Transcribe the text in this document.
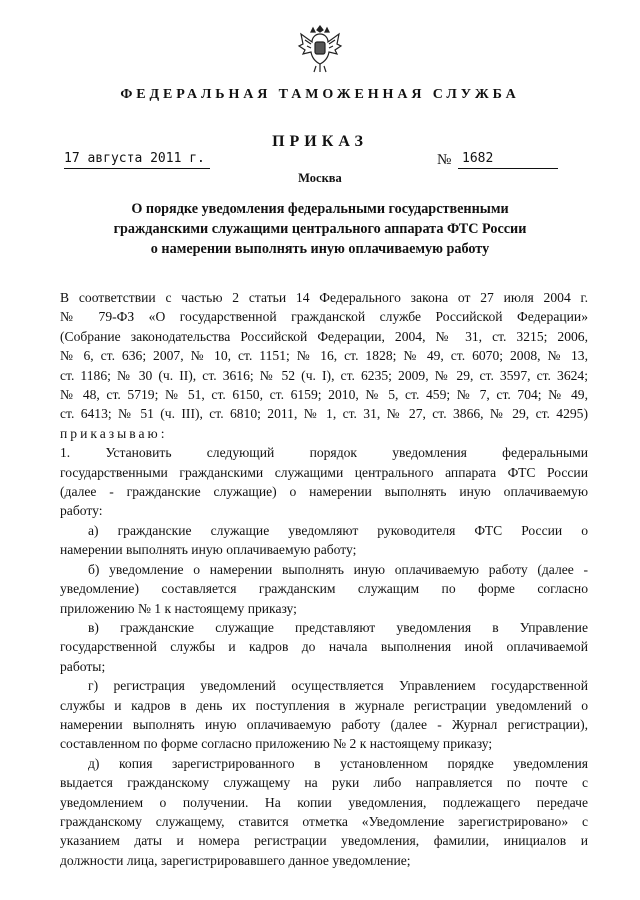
ФЕДЕРАЛЬНАЯ ТАМОЖЕННАЯ СЛУЖБА
ПРИКАЗ
17 августа 2011 г.	№ 1682
Москва
О порядке уведомления федеральными государственными
гражданскими служащими центрального аппарата ФТС России
о намерении выполнять иную оплачиваемую работу
В соответствии с частью 2 статьи 14 Федерального закона от 27 июля 2004 г.
№ 79-ФЗ «О государственной гражданской службе Российской Федерации»
(Собрание законодательства Российской Федерации, 2004, № 31, ст. 3215; 2006,
№ 6, ст. 636; 2007, № 10, ст. 1151; № 16, ст. 1828; № 49, ст. 6070; 2008, № 13,
ст. 1186; № 30 (ч. II), ст. 3616; № 52 (ч. I), ст. 6235; 2009, № 29, ст. 3597, ст. 3624;
№ 48, ст. 5719; № 51, ст. 6150, ст. 6159; 2010, № 5, ст. 459; № 7, ст. 704; № 49,
ст. 6413; № 51 (ч. III), ст. 6810; 2011, № 1, ст. 31, № 27, ст. 3866, № 29, ст. 4295)
приказываю:
1. Установить следующий порядок уведомления федеральными
государственными гражданскими служащими центрального аппарата ФТС России
(далее - гражданские служащие) о намерении выполнять иную оплачиваемую
работу:
а) гражданские служащие уведомляют руководителя ФТС России о
намерении выполнять иную оплачиваемую работу;
б) уведомление о намерении выполнять иную оплачиваемую работу (далее -
уведомление) составляется гражданским служащим по форме согласно
приложению № 1 к настоящему приказу;
в) гражданские служащие представляют уведомления в Управление
государственной службы и кадров до начала выполнения иной оплачиваемой
работы;
г) регистрация уведомлений осуществляется Управлением государственной
службы и кадров в день их поступления в журнале регистрации уведомлений о
намерении выполнять иную оплачиваемую работу (далее - Журнал регистрации),
составленном по форме согласно приложению № 2 к настоящему приказу;
д) копия зарегистрированного в установленном порядке уведомления
выдается гражданскому служащему на руки либо направляется по почте с
уведомлением о получении. На копии уведомления, подлежащего передаче
гражданскому служащему, ставится отметка «Уведомление зарегистрировано» с
указанием даты и номера регистрации уведомления, фамилии, инициалов и
должности лица, зарегистрировавшего данное уведомление;
